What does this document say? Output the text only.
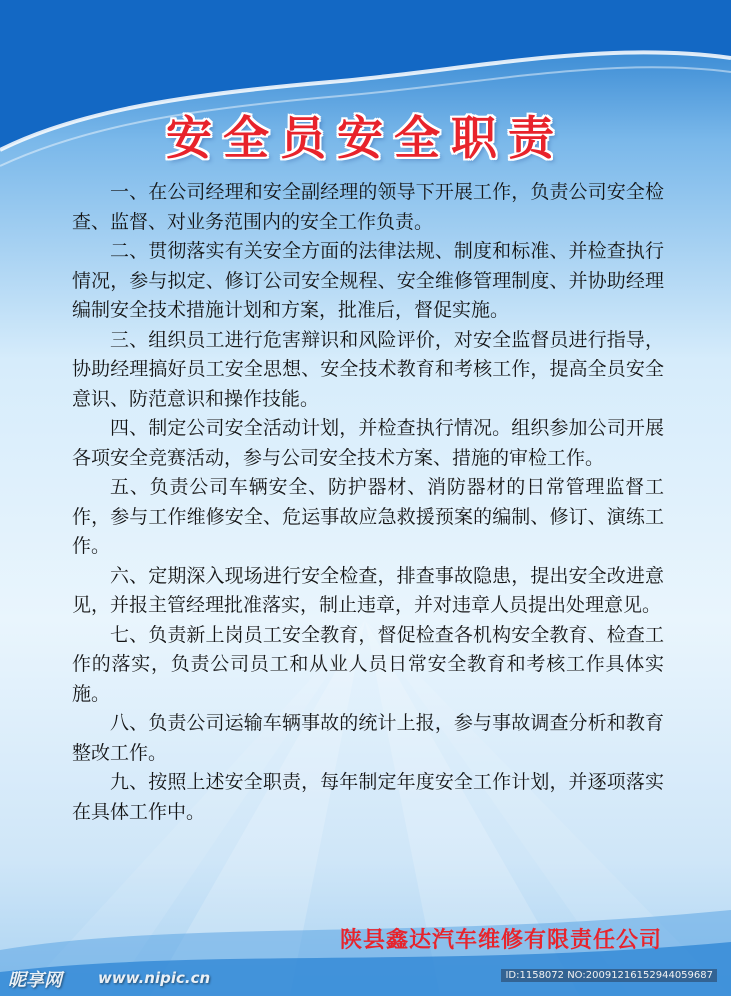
安全员安全职责

一、在公司经理和安全副经理的领导下开展工作，负责公司安全检查、监督、对业务范围内的安全工作负责。

二、贯彻落实有关安全方面的法律法规、制度和标准、并检查执行情况，参与拟定、修订公司安全规程、安全维修管理制度、并协助经理编制安全技术措施计划和方案，批准后，督促实施。

三、组织员工进行危害辩识和风险评价，对安全监督员进行指导，协助经理搞好员工安全思想、安全技术教育和考核工作，提高全员安全意识、防范意识和操作技能。

四、制定公司安全活动计划，并检查执行情况。组织参加公司开展各项安全竞赛活动，参与公司安全技术方案、措施的审检工作。

五、负责公司车辆安全、防护器材、消防器材的日常管理监督工作，参与工作维修安全、危运事故应急救援预案的编制、修订、演练工作。

六、定期深入现场进行安全检查，排查事故隐患，提出安全改进意见，并报主管经理批准落实，制止违章，并对违章人员提出处理意见。

七、负责新上岗员工安全教育，督促检查各机构安全教育、检查工作的落实，负责公司员工和从业人员日常安全教育和考核工作具体实施。

八、负责公司运输车辆事故的统计上报，参与事故调查分析和教育整改工作。

九、按照上述安全职责，每年制定年度安全工作计划，并逐项落实在具体工作中。

陕县鑫达汽车维修有限责任公司
昵享网 www.nipic.cn	ID:1158072 NO:20091216152944059687
